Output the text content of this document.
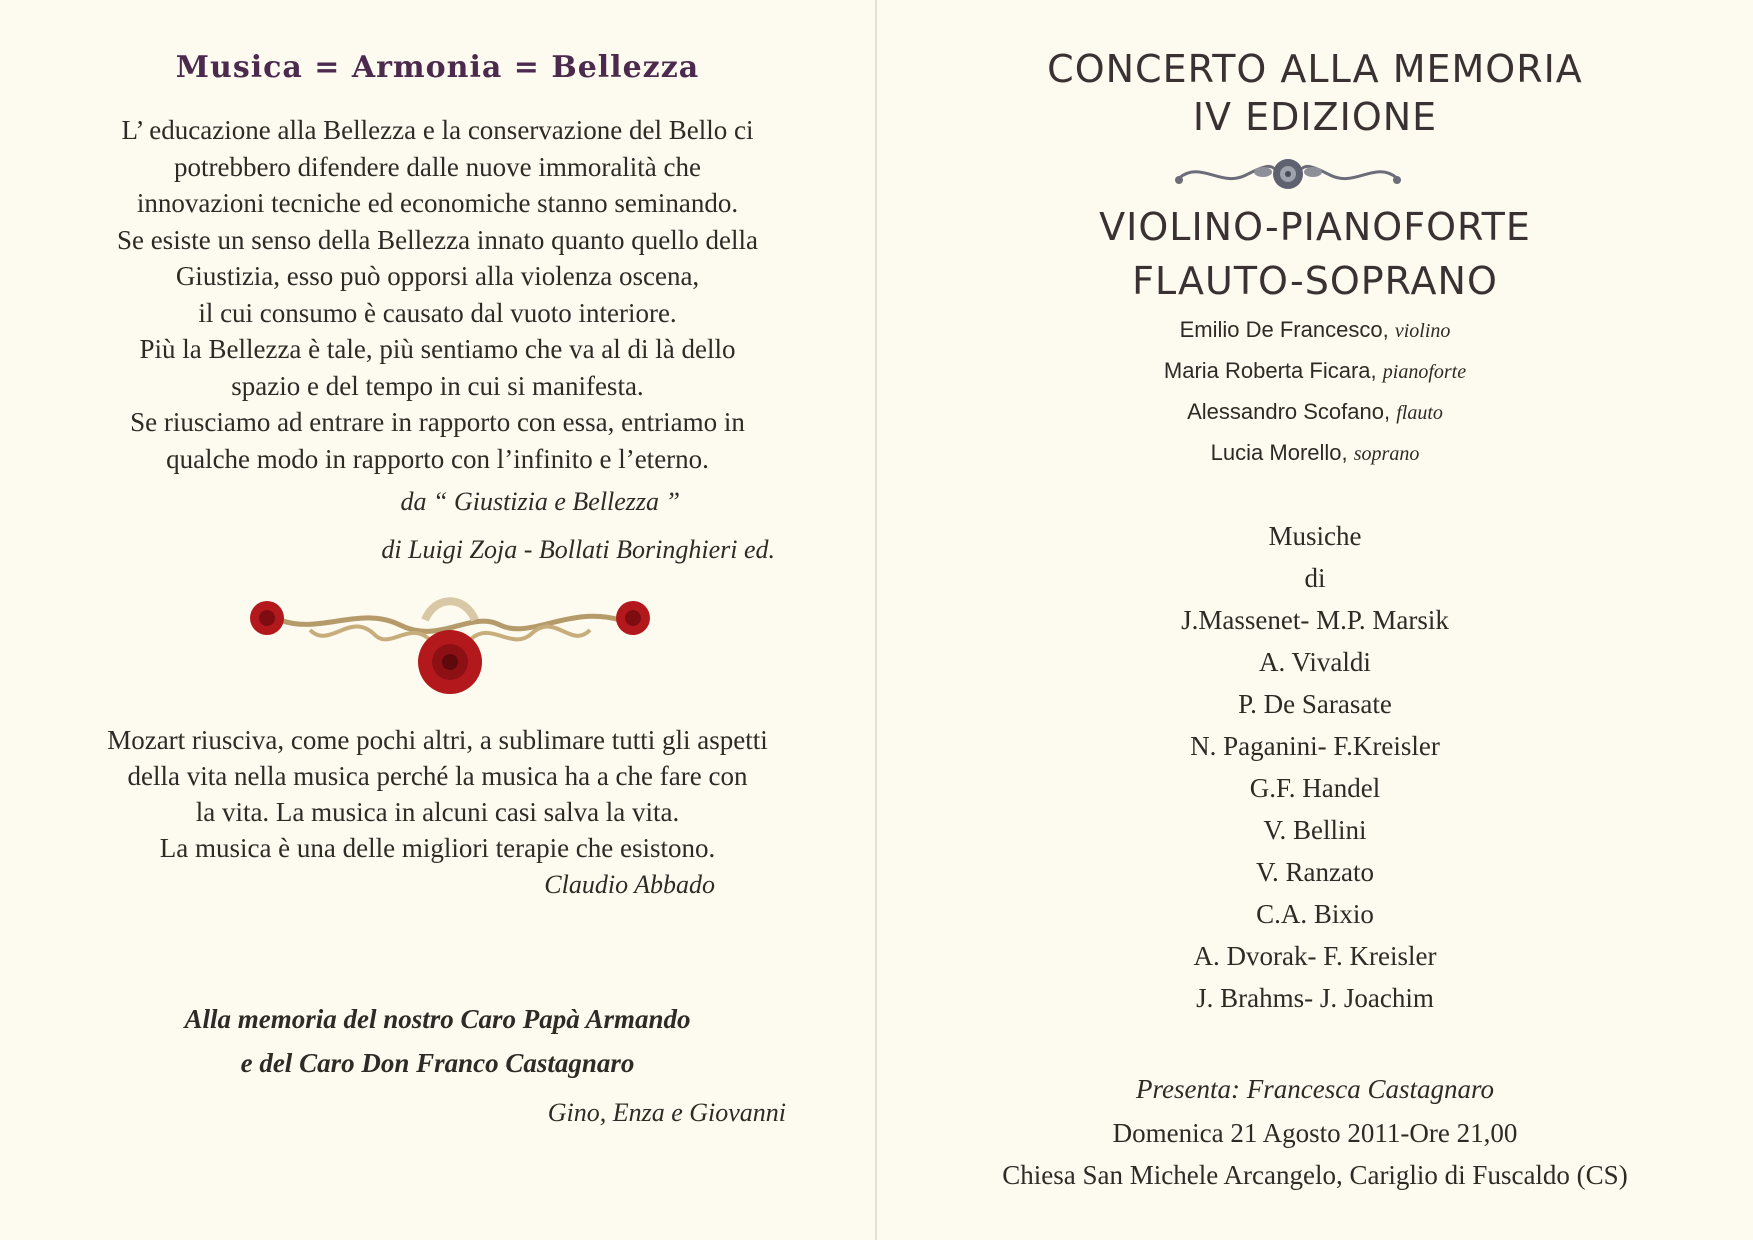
Musica = Armonia = Bellezza

L’ educazione alla Bellezza e la conservazione del Bello ci

potrebbero difendere dalle nuove immoralità che

innovazioni tecniche ed economiche stanno seminando.

Se esiste un senso della Bellezza innato quanto quello della

Giustizia, esso può opporsi alla violenza oscena,

il cui consumo è causato dal vuoto interiore.

Più la Bellezza è tale, più sentiamo che va al di là dello

spazio e del tempo in cui si manifesta.

Se riusciamo ad entrare in rapporto con essa, entriamo in

qualche modo in rapporto con l’infinito e l’eterno.

da “ Giustizia e Bellezza ”
di Luigi Zoja - Bollati Boringhieri ed.

Mozart riusciva, come pochi altri, a sublimare tutti gli aspetti

della vita nella musica perché la musica ha a che fare con

la vita. La musica in alcuni casi salva la vita.

La musica è una delle migliori terapie che esistono.

Claudio Abbado
Alla memoria del nostro Caro Papà Armando
e del Caro Don Franco Castagnaro
Gino, Enza e Giovanni
CONCERTO ALLA MEMORIA
IV EDIZIONE
VIOLINO-PIANOFORTE
FLAUTO-SOPRANO
Emilio De Francesco, violino
Maria Roberta Ficara, pianoforte
Alessandro Scofano, flauto
Lucia Morello, soprano
Musiche
di
J.Massenet- M.P. Marsik
A. Vivaldi
P. De Sarasate
N. Paganini- F.Kreisler
G.F. Handel
V. Bellini
V. Ranzato
C.A. Bixio
A. Dvorak- F. Kreisler
J. Brahms- J. Joachim
Presenta: Francesca Castagnaro
Domenica 21 Agosto 2011-Ore 21,00
Chiesa San Michele Arcangelo, Cariglio di Fuscaldo (CS)
